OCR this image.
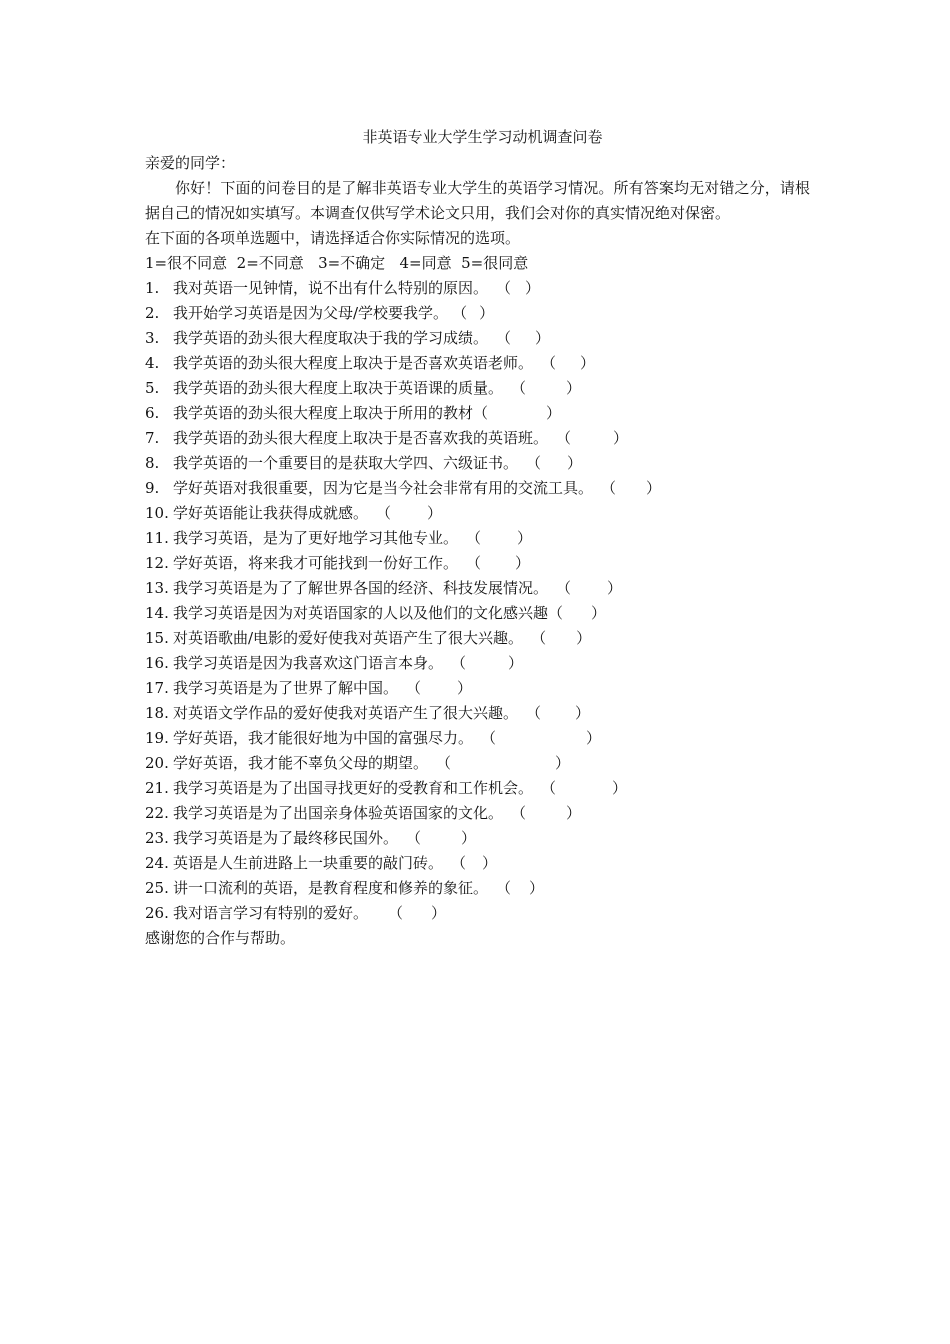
非英语专业大学生学习动机调查问卷

亲爱的同学：

你好！下面的问卷目的是了解非英语专业大学生的英语学习情况。所有答案均无对错之分，请根据自己的情况如实填写。本调查仅供写学术论文只用，我们会对你的真实情况绝对保密。

在下面的各项单选题中，请选择适合你实际情况的选项。

1=很不同意  2=不同意   3=不确定   4=同意  5=很同意

1. 我对英语一见钟情，说不出有什么特别的原因。 （ ）
2. 我开始学习英语是因为父母/学校要我学。 （ ）
3. 我学英语的劲头很大程度取决于我的学习成绩。 （ ）
4. 我学英语的劲头很大程度上取决于是否喜欢英语老师。 （ ）
5. 我学英语的劲头很大程度上取决于英语课的质量。 （	）
6. 我学英语的劲头很大程度上取决于所用的教材 （	）
7. 我学英语的劲头很大程度上取决于是否喜欢我的英语班。 （	）
8. 我学英语的一个重要目的是获取大学四、六级证书。 （ ）
9. 学好英语对我很重要，因为它是当今社会非常有用的交流工具。 （ ）
10. 学好英语能让我获得成就感。 （ ）
11. 我学习英语，是为了更好地学习其他专业。 （ ）
12. 学好英语，将来我才可能找到一份好工作。 （ ）
13. 我学习英语是为了了解世界各国的经济、科技发展情况。 （ ）
14. 我学习英语是因为对英语国家的人以及他们的文化感兴趣 （ ）
15. 对英语歌曲/电影的爱好使我对英语产生了很大兴趣。 （ ）
16. 我学习英语是因为我喜欢这门语言本身。 （	）
17. 我学习英语是为了世界了解中国。 （ ）
18. 对英语文学作品的爱好使我对英语产生了很大兴趣。 （ ）
19. 学好英语，我才能很好地为中国的富强尽力。 （	）
20. 学好英语，我才能不辜负父母的期望。 （	）
21. 我学习英语是为了出国寻找更好的受教育和工作机会。 （	）
22. 我学习英语是为了出国亲身体验英语国家的文化。 （	）
23. 我学习英语是为了最终移民国外。 （	）
24. 英语是人生前进路上一块重要的敲门砖。 （ ）
25. 讲一口流利的英语，是教育程度和修养的象征。 （ ）
26. 我对语言学习有特别的爱好。 （ ）

感谢您的合作与帮助。
